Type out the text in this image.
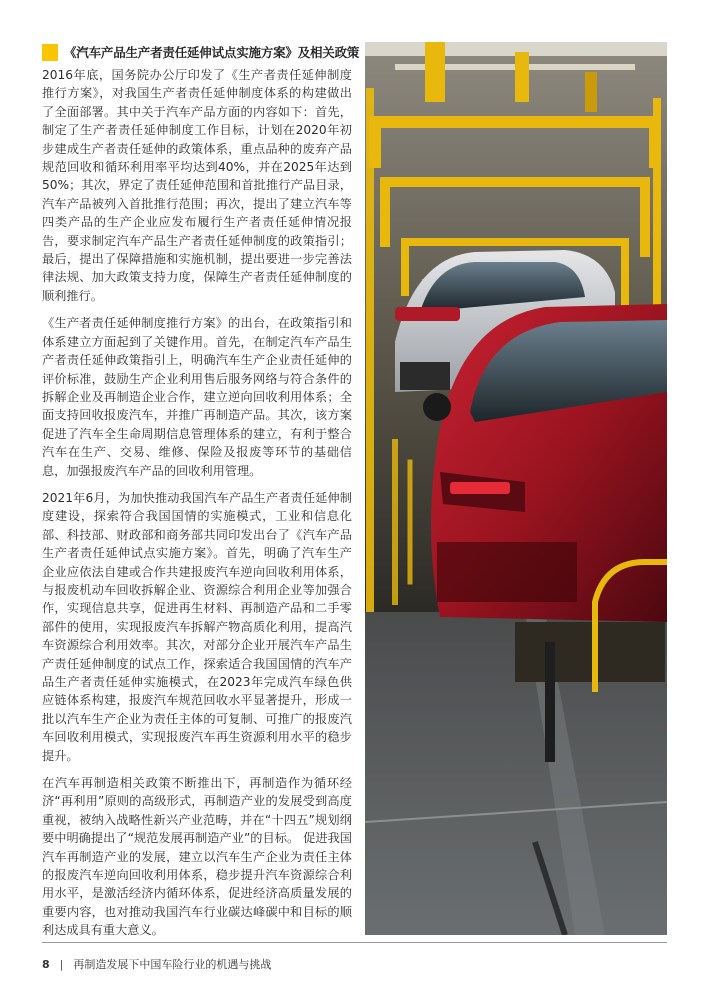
《汽车产品生产者责任延伸试点实施方案》及相关政策

2016年底，国务院办公厅印发了《生产者责任延伸制度推行方案》，对我国生产者责任延伸制度体系的构建做出了全面部署。其中关于汽车产品方面的内容如下：首先，制定了生产者责任延伸制度工作目标，计划在2020年初步建成生产者责任延伸的政策体系，重点品种的废弃产品规范回收和循环利用率平均达到40%，并在2025年达到50%；其次，界定了责任延伸范围和首批推行产品目录，汽车产品被列入首批推行范围；再次，提出了建立汽车等四类产品的生产企业应发布履行生产者责任延伸情况报告，要求制定汽车产品生产者责任延伸制度的政策指引；最后，提出了保障措施和实施机制，提出要进一步完善法律法规、加大政策支持力度，保障生产者责任延伸制度的顺利推行。

《生产者责任延伸制度推行方案》的出台，在政策指引和体系建立方面起到了关键作用。首先，在制定汽车产品生产者责任延伸政策指引上，明确汽车生产企业责任延伸的评价标准，鼓励生产企业利用售后服务网络与符合条件的拆解企业及再制造企业合作，建立逆向回收利用体系；全面支持回收报废汽车，并推广再制造产品。其次，该方案促进了汽车全生命周期信息管理体系的建立，有利于整合汽车在生产、交易、维修、保险及报废等环节的基础信息，加强报废汽车产品的回收利用管理。

2021年6月，为加快推动我国汽车产品生产者责任延伸制度建设，探索符合我国国情的实施模式，工业和信息化部、科技部、财政部和商务部共同印发出台了《汽车产品生产者责任延伸试点实施方案》。首先，明确了汽车生产企业应依法自建或合作共建报废汽车逆向回收利用体系，与报废机动车回收拆解企业、资源综合利用企业等加强合作，实现信息共享，促进再生材料、再制造产品和二手零部件的使用，实现报废汽车拆解产物高质化利用，提高汽车资源综合利用效率。其次，对部分企业开展汽车产品生产责任延伸制度的试点工作，探索适合我国国情的汽车产品生产者责任延伸实施模式，在2023年完成汽车绿色供应链体系构建，报废汽车规范回收水平显著提升，形成一批以汽车生产企业为责任主体的可复制、可推广的报废汽车回收利用模式，实现报废汽车再生资源利用水平的稳步提升。

在汽车再制造相关政策不断推出下，再制造作为循环经济“再利用”原则的高级形式，再制造产业的发展受到高度重视，被纳入战略性新兴产业范畴，并在“十四五”规划纲要中明确提出了“规范发展再制造产业”的目标。 促进我国汽车再制造产业的发展，建立以汽车生产企业为责任主体的报废汽车逆向回收利用体系，稳步提升汽车资源综合利用水平，是激活经济内循环体系，促进经济高质量发展的重要内容，也对推动我国汽车行业碳达峰碳中和目标的顺利达成具有重大意义。

8 | 再制造发展下中国车险行业的机遇与挑战
